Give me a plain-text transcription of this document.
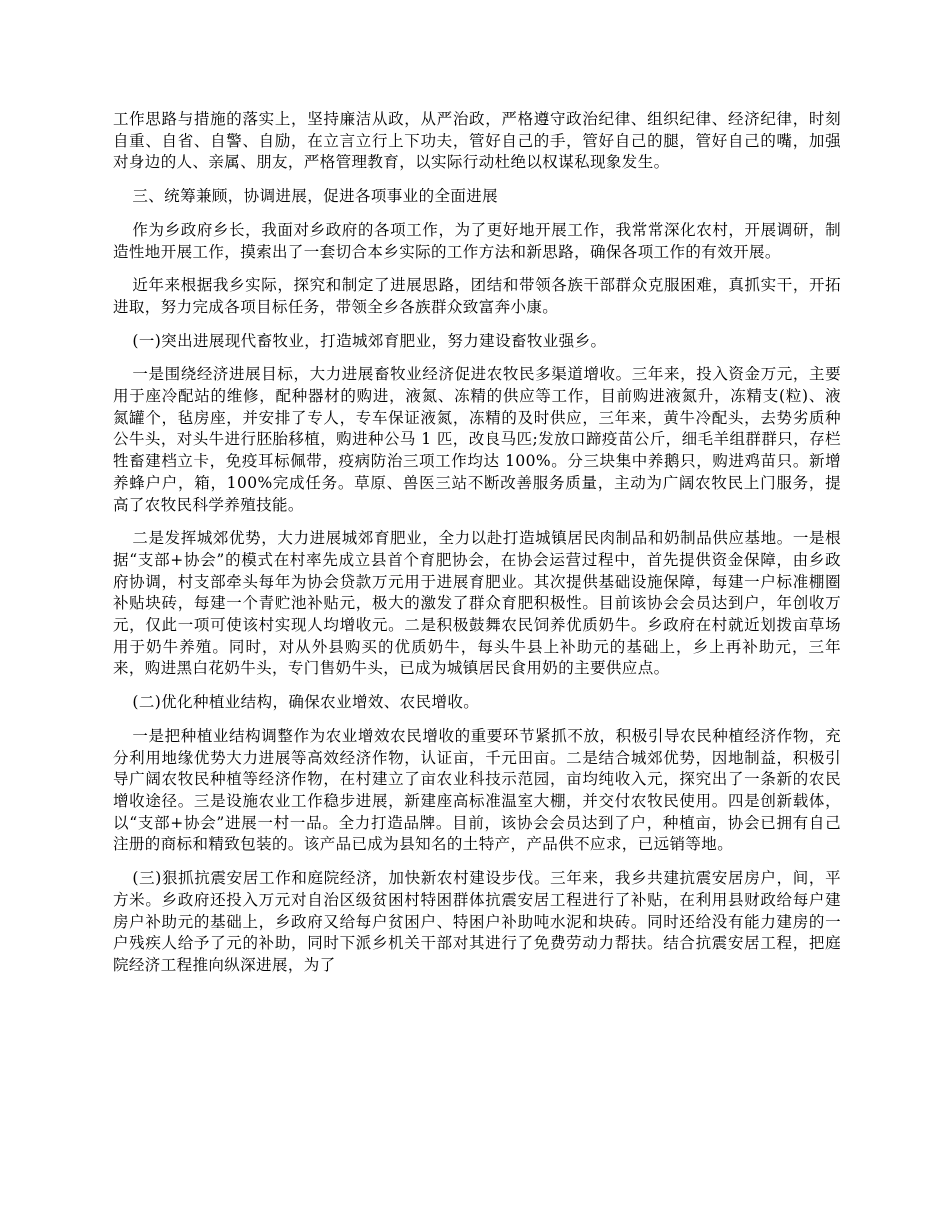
工作思路与措施的落实上，坚持廉洁从政，从严治政，严格遵守政治纪律、组织纪律、经济纪律，时刻自重、自省、自警、自励，在立言立行上下功夫，管好自己的手，管好自己的腿，管好自己的嘴，加强对身边的人、亲属、朋友，严格管理教育，以实际行动杜绝以权谋私现象发生。

三、统筹兼顾，协调进展，促进各项事业的全面进展

作为乡政府乡长，我面对乡政府的各项工作，为了更好地开展工作，我常常深化农村，开展调研，制造性地开展工作，摸索出了一套切合本乡实际的工作方法和新思路，确保各项工作的有效开展。

近年来根据我乡实际，探究和制定了进展思路，团结和带领各族干部群众克服困难，真抓实干，开拓进取，努力完成各项目标任务，带领全乡各族群众致富奔小康。

(一)突出进展现代畜牧业，打造城郊育肥业，努力建设畜牧业强乡。

一是围绕经济进展目标，大力进展畜牧业经济促进农牧民多渠道增收。三年来，投入资金万元，主要用于座冷配站的维修，配种器材的购进，液氮、冻精的供应等工作，目前购进液氮升，冻精支(粒)、液氮罐个，毡房座，并安排了专人，专车保证液氮，冻精的及时供应，三年来，黄牛冷配头，去势劣质种公牛头，对头牛进行胚胎移植，购进种公马 1 匹，改良马匹;发放口蹄疫苗公斤，细毛羊组群群只，存栏牲畜建档立卡，免疫耳标佩带，疫病防治三项工作均达 100%。分三块集中养鹅只，购进鸡苗只。新增养蜂户户，箱，100%完成任务。草原、兽医三站不断改善服务质量，主动为广阔农牧民上门服务，提高了农牧民科学养殖技能。

二是发挥城郊优势，大力进展城郊育肥业，全力以赴打造城镇居民肉制品和奶制品供应基地。一是根据“支部+协会”的模式在村率先成立县首个育肥协会，在协会运营过程中，首先提供资金保障，由乡政府协调，村支部牵头每年为协会贷款万元用于进展育肥业。其次提供基础设施保障，每建一户标准棚圈补贴块砖，每建一个青贮池补贴元，极大的激发了群众育肥积极性。目前该协会会员达到户，年创收万元，仅此一项可使该村实现人均增收元。二是积极鼓舞农民饲养优质奶牛。乡政府在村就近划拨亩草场用于奶牛养殖。同时，对从外县购买的优质奶牛，每头牛县上补助元的基础上，乡上再补助元，三年来，购进黑白花奶牛头，专门售奶牛头，已成为城镇居民食用奶的主要供应点。

(二)优化种植业结构，确保农业增效、农民增收。

一是把种植业结构调整作为农业增效农民增收的重要环节紧抓不放，积极引导农民种植经济作物，充分利用地缘优势大力进展等高效经济作物，认证亩，千元田亩。二是结合城郊优势，因地制益，积极引导广阔农牧民种植等经济作物，在村建立了亩农业科技示范园，亩均纯收入元，探究出了一条新的农民增收途径。三是设施农业工作稳步进展，新建座高标准温室大棚，并交付农牧民使用。四是创新载体，以“支部+协会”进展一村一品。全力打造品牌。目前，该协会会员达到了户，种植亩，协会已拥有自己注册的商标和精致包装的。该产品已成为县知名的土特产，产品供不应求，已远销等地。

(三)狠抓抗震安居工作和庭院经济，加快新农村建设步伐。三年来，我乡共建抗震安居房户，间，平方米。乡政府还投入万元对自治区级贫困村特困群体抗震安居工程进行了补贴，在利用县财政给每户建房户补助元的基础上，乡政府又给每户贫困户、特困户补助吨水泥和块砖。同时还给没有能力建房的一户残疾人给予了元的补助，同时下派乡机关干部对其进行了免费劳动力帮扶。结合抗震安居工程，把庭院经济工程推向纵深进展，为了
